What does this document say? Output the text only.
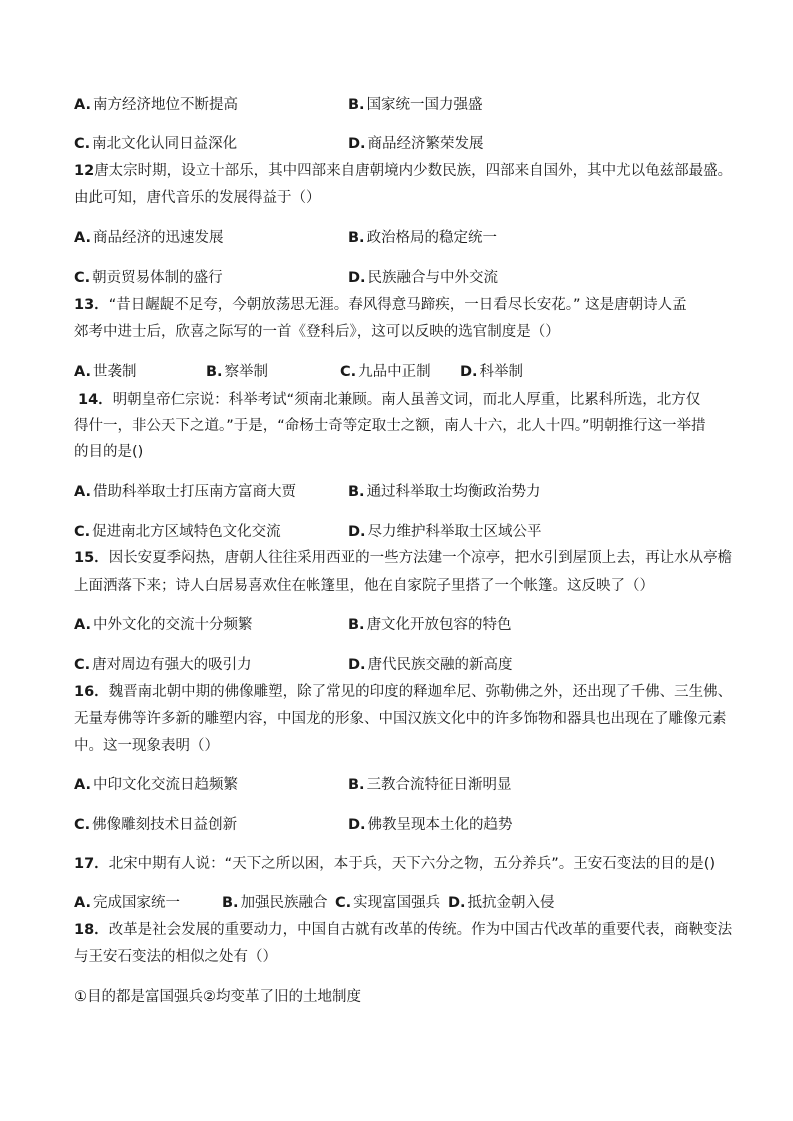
A. 南方经济地位不断提高	B. 国家统一国力强盛
C. 南北文化认同日益深化	D. 商品经济繁荣发展
12唐太宗时期，设立十部乐，其中四部来自唐朝境内少数民族，四部来自国外，其中尤以龟兹部最盛。
由此可知，唐代音乐的发展得益于（）
A. 商品经济的迅速发展	B. 政治格局的稳定统一
C. 朝贡贸易体制的盛行	D. 民族融合与中外交流
13．“昔日龌龊不足夸，今朝放荡思无涯。春风得意马蹄疾，一日看尽长安花。” 这是唐朝诗人孟
郊考中进士后，欣喜之际写的一首《登科后》，这可以反映的选官制度是（）
A. 世袭制	B. 察举制	C. 九品中正制 D. 科举制
14．明朝皇帝仁宗说：科举考试“须南北兼顾。南人虽善文词，而北人厚重，比累科所选，北方仅
得什一，非公天下之道。”于是，“命杨士奇等定取士之额，南人十六，北人十四。”明朝推行这一举措
的目的是()
A. 借助科举取士打压南方富商大贾	B. 通过科举取士均衡政治势力
C. 促进南北方区域特色文化交流	D. 尽力维护科举取士区域公平
15．因长安夏季闷热，唐朝人往往采用西亚的一些方法建一个凉亭，把水引到屋顶上去，再让水从亭檐
上面洒落下来；诗人白居易喜欢住在帐篷里，他在自家院子里搭了一个帐篷。这反映了（）
A. 中外文化的交流十分频繁	B. 唐文化开放包容的特色
C. 唐对周边有强大的吸引力	D. 唐代民族交融的新高度
16．魏晋南北朝中期的佛像雕塑，除了常见的印度的释迦牟尼、弥勒佛之外，还出现了千佛、三生佛、
无量寿佛等许多新的雕塑内容，中国龙的形象、中国汉族文化中的许多饰物和器具也出现在了雕像元素
中。这一现象表明（）
A. 中印文化交流日趋频繁	B. 三教合流特征日渐明显
C. 佛像雕刻技术日益创新	D. 佛教呈现本土化的趋势
17．北宋中期有人说：“天下之所以困，本于兵，天下六分之物，五分养兵”。王安石变法的目的是()
A. 完成国家统一	B. 加强民族融合 C. 实现富国强兵 D. 抵抗金朝入侵
18．改革是社会发展的重要动力，中国自古就有改革的传统。作为中国古代改革的重要代表，商鞅变法
与王安石变法的相似之处有（）
①目的都是富国强兵②均变革了旧的土地制度
